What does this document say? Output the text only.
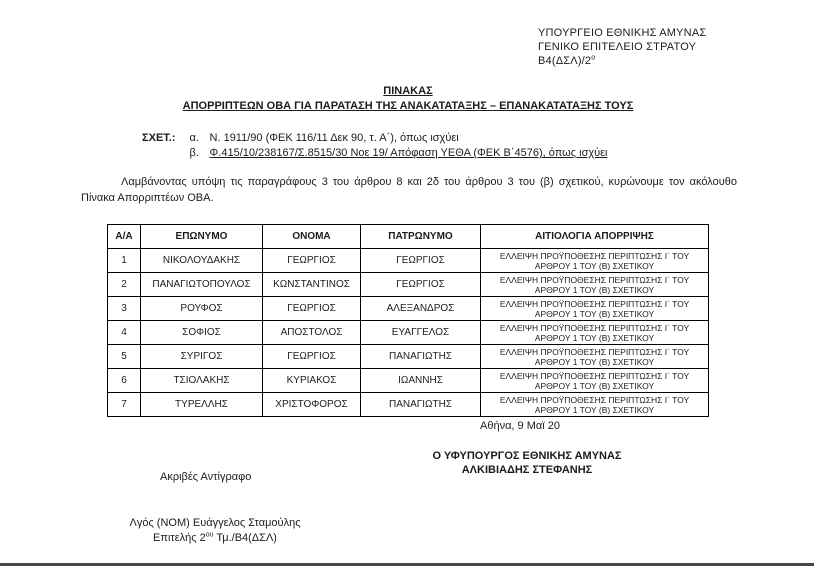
ΥΠΟΥΡΓΕΙΟ ΕΘΝΙΚΗΣ ΑΜΥΝΑΣ
ΓΕΝΙΚΟ ΕΠΙΤΕΛΕΙΟ ΣΤΡΑΤΟΥ
$B4(\Delta\Sigma\Lambda)/2^o$
ΠΙΝΑΚΑΣ
ΑΠΟΡΡΙΠΤΕΩΝ ΟΒΑ ΓΙΑ ΠΑΡΑΤΑΣΗ ΤΗΣ ΑΝΑΚΑΤΑΤΑΞΗΣ – ΕΠΑΝΑΚΑΤΑΤΑΞΗΣ ΤΟΥΣ
ΣΧΕΤ.: α. Ν. 1911/90 (ΦΕΚ 116/11 Δεκ 90, τ. Α΄), όπως ισχύει
β. Φ.415/10/238167/Σ.8515/30 Νοε 19/ Απόφαση ΥΕΘΑ (ΦΕΚ Β΄4576), όπως ισχύει
Λαμβάνοντας υπόψη τις παραγράφους 3 του άρθρου 8 και 2δ του άρθρου 3 του (β) σχετικού, κυρώνουμε τον ακόλουθο Πίνακα Απορριπτέων ΟΒΑ.
Α/Α	ΕΠΩΝΥΜΟ	ΟΝΟΜΑ	ΠΑΤΡΩΝΥΜΟ	ΑΙΤΙΟΛΟΓΙΑ ΑΠΟΡΡΙΨΗΣ
1	ΝΙΚΟΛΟΥΔΑΚΗΣ	ΓΕΩΡΓΙΟΣ	ΓΕΩΡΓΙΟΣ	ΕΛΛΕΙΨΗ ΠΡΟΫΠΟΘΕΣΗΣ ΠΕΡΙΠΤΩΣΗΣ Ι΄ ΤΟΥ ΑΡΘΡΟΥ 1 ΤΟΥ (Β) ΣΧΕΤΙΚΟΥ
2	ΠΑΝΑΓΙΩΤΟΠΟΥΛΟΣ	ΚΩΝΣΤΑΝΤΙΝΟΣ	ΓΕΩΡΓΙΟΣ	ΕΛΛΕΙΨΗ ΠΡΟΫΠΟΘΕΣΗΣ ΠΕΡΙΠΤΩΣΗΣ Ι΄ ΤΟΥ ΑΡΘΡΟΥ 1 ΤΟΥ (Β) ΣΧΕΤΙΚΟΥ
3	ΡΟΥΦΟΣ	ΓΕΩΡΓΙΟΣ	ΑΛΕΞΑΝΔΡΟΣ	ΕΛΛΕΙΨΗ ΠΡΟΫΠΟΘΕΣΗΣ ΠΕΡΙΠΤΩΣΗΣ Ι΄ ΤΟΥ ΑΡΘΡΟΥ 1 ΤΟΥ (Β) ΣΧΕΤΙΚΟΥ
4	ΣΟΦΙΟΣ	ΑΠΟΣΤΟΛΟΣ	ΕΥΑΓΓΕΛΟΣ	ΕΛΛΕΙΨΗ ΠΡΟΫΠΟΘΕΣΗΣ ΠΕΡΙΠΤΩΣΗΣ Ι΄ ΤΟΥ ΑΡΘΡΟΥ 1 ΤΟΥ (Β) ΣΧΕΤΙΚΟΥ
5	ΣΥΡΙΓΟΣ	ΓΕΩΡΓΙΟΣ	ΠΑΝΑΓΙΩΤΗΣ	ΕΛΛΕΙΨΗ ΠΡΟΫΠΟΘΕΣΗΣ ΠΕΡΙΠΤΩΣΗΣ Ι΄ ΤΟΥ ΑΡΘΡΟΥ 1 ΤΟΥ (Β) ΣΧΕΤΙΚΟΥ
6	ΤΣΙΟΛΑΚΗΣ	ΚΥΡΙΑΚΟΣ	ΙΩΑΝΝΗΣ	ΕΛΛΕΙΨΗ ΠΡΟΫΠΟΘΕΣΗΣ ΠΕΡΙΠΤΩΣΗΣ Ι΄ ΤΟΥ ΑΡΘΡΟΥ 1 ΤΟΥ (Β) ΣΧΕΤΙΚΟΥ
7	ΤΥΡΕΛΛΗΣ	ΧΡΙΣΤΟΦΟΡΟΣ	ΠΑΝΑΓΙΩΤΗΣ	ΕΛΛΕΙΨΗ ΠΡΟΫΠΟΘΕΣΗΣ ΠΕΡΙΠΤΩΣΗΣ Ι΄ ΤΟΥ ΑΡΘΡΟΥ 1 ΤΟΥ (Β) ΣΧΕΤΙΚΟΥ
Αθήνα, 9 Μαϊ 20
Ο ΥΦΥΠΟΥΡΓΟΣ ΕΘΝΙΚΗΣ ΑΜΥΝΑΣ
ΑΛΚΙΒΙΑΔΗΣ ΣΤΕΦΑΝΗΣ
Ακριβές Αντίγραφο
Λγός (ΝΟΜ) Ευάγγελος Σταμούλης
Επιτελής $2^{o\upsilon}$ Τμ./Β4(ΔΣΛ)
